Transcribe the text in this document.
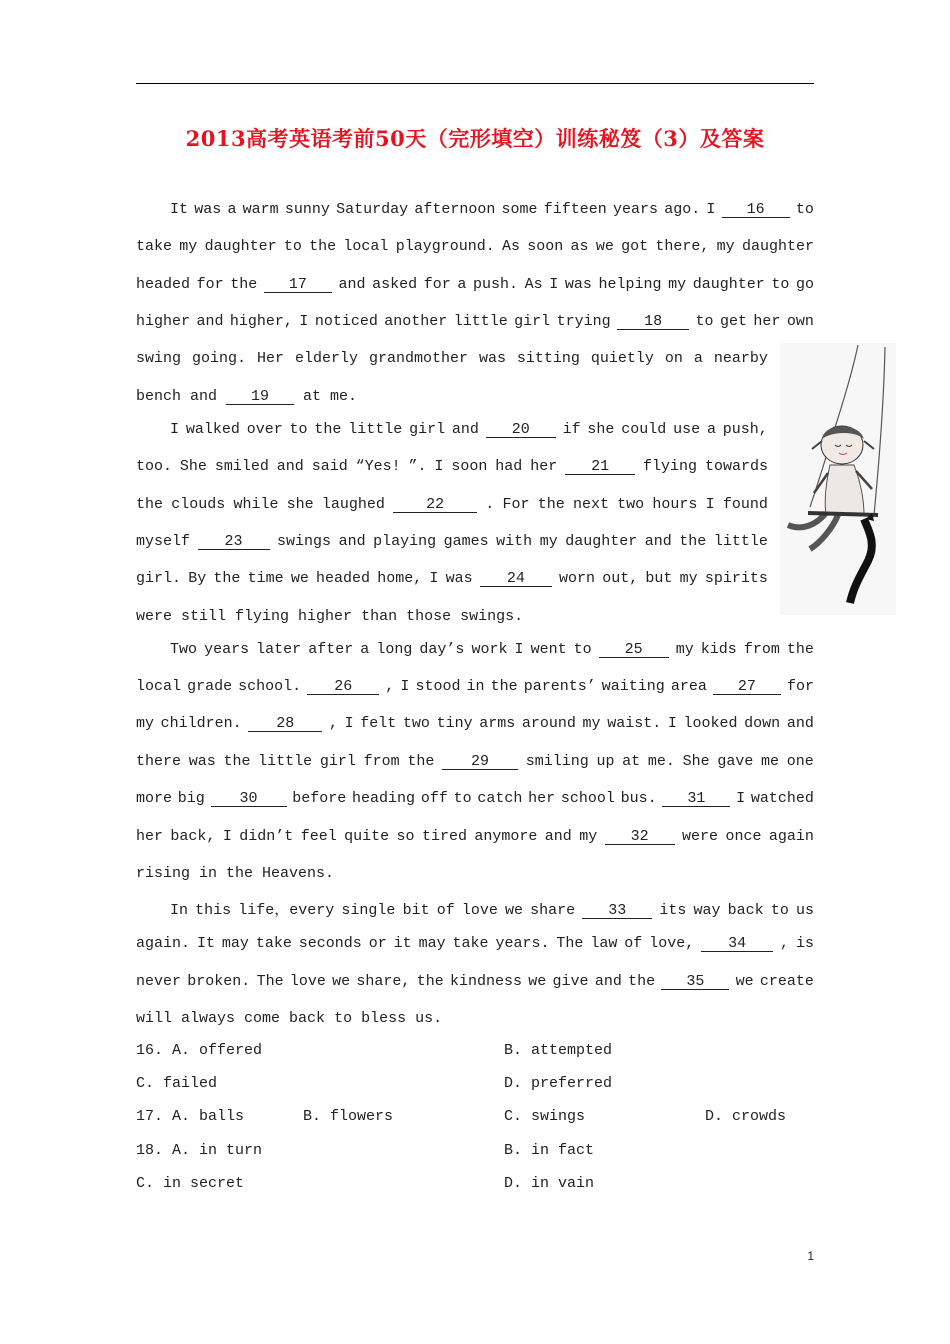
2013高考英语考前50天（完形填空）训练秘笈（3）及答案
It was a warm sunny Saturday afternoon some fifteen years ago. I	16	to
take my daughter to the local playground. As soon as we got there, my daughter
headed for the	17	and asked for a push. As I was helping my daughter to go
higher and higher, I noticed another little girl trying	18	to get her own
swing going. Her elderly grandmother was sitting quietly on a nearby
bench and	19	at me.
I walked over to the little girl and	20	if she could use a push,
too. She smiled and said “Yes! ”. I soon had her	21	flying towards
the clouds while she laughed	22	. For the next two hours I found
myself	23	swings and playing games with my daughter and the little
girl. By the time we headed home, I was	24	worn out, but my spirits
were still flying higher than those swings.
Two years later after a long day’s work I went to	25	my kids from the
local grade school.	26	, I stood in the parents’ waiting area	27	for
my children.	28	, I felt two tiny arms around my waist. I looked down and
there was the little girl from the	29	smiling up at me. She gave me one
more big	30	before heading off to catch her school bus.	31	I watched
her back, I didn’t feel quite so tired anymore and my	32	were once again
rising in the Heavens.
In this life，every single bit of love we share	33	its way back to us
again. It may take seconds or it may take years. The law of love,	34	, is
never broken. The love we share, the kindness we give and the	35	we create
will always come back to bless us.
16. A. offered	B. attempted
C. failed	D. preferred
17. A. balls	B. flowers	C. swings	D. crowds
18. A. in turn	B. in fact
C. in secret	D. in vain
1
